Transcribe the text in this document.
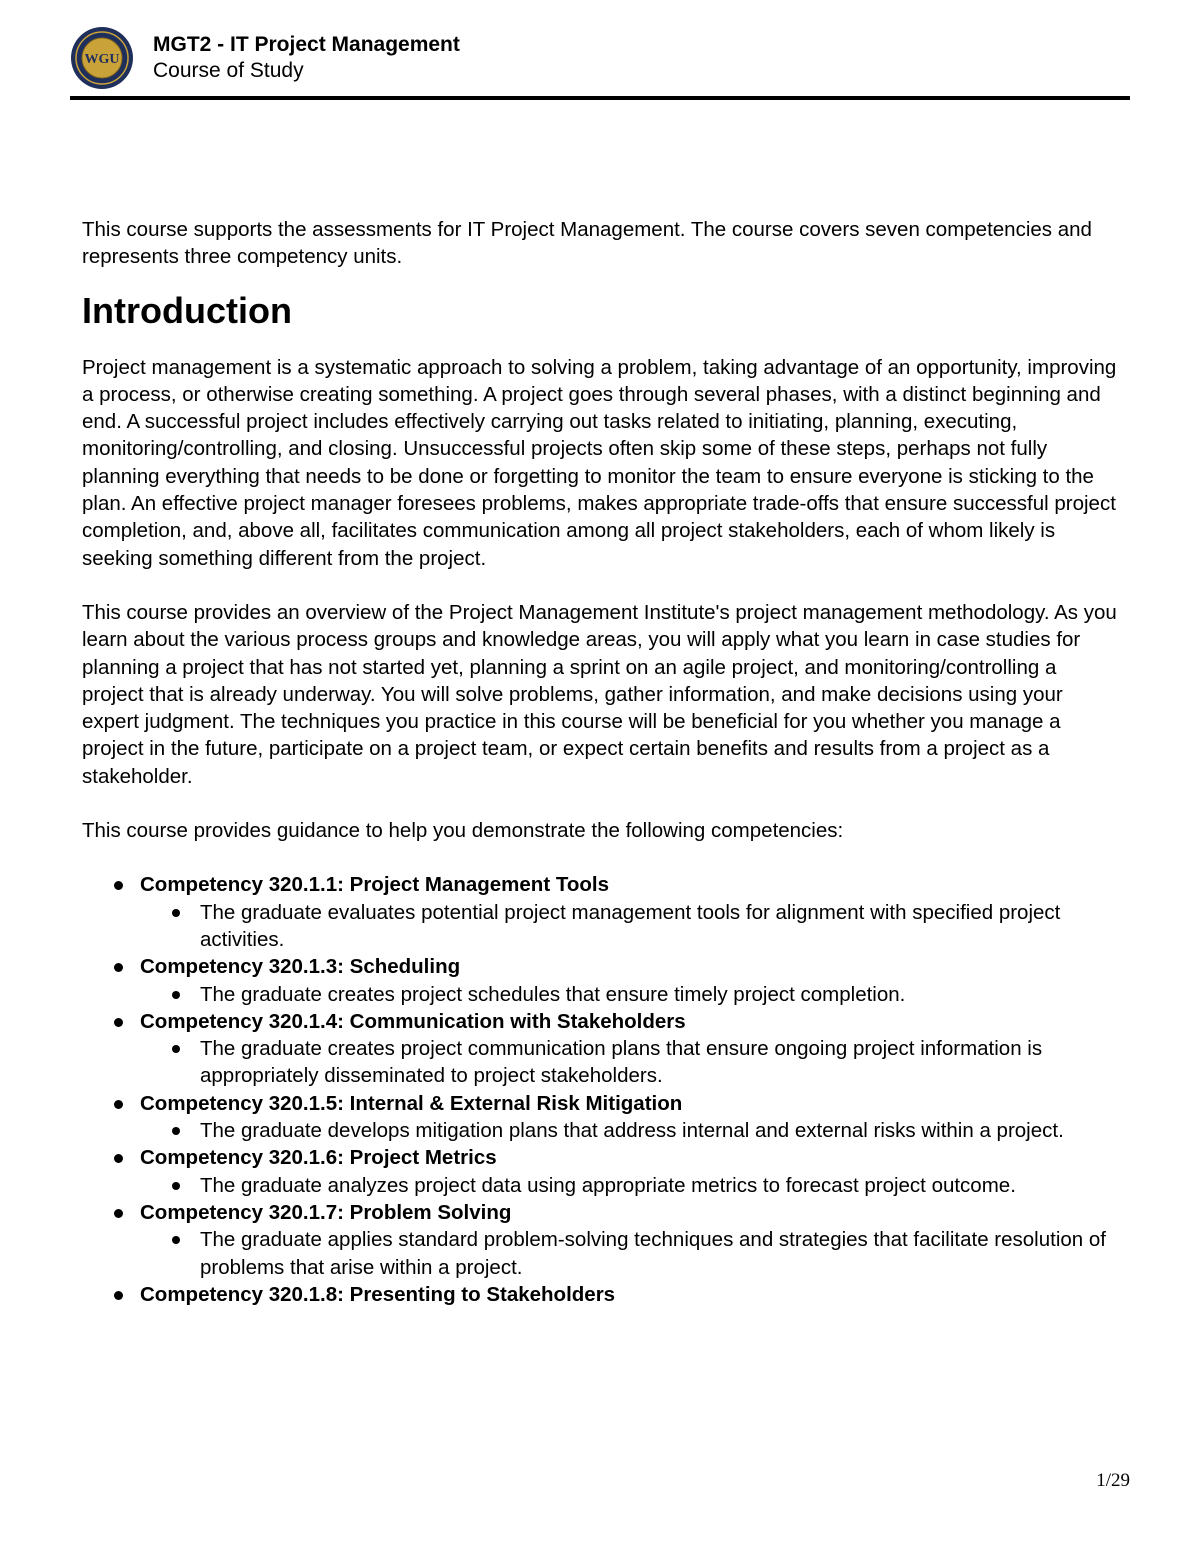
WGU
MGT2 - IT Project Management
Course of Study

This course supports the assessments for IT Project Management. The course covers seven competencies and represents three competency units.

Introduction

Project management is a systematic approach to solving a problem, taking advantage of an opportunity, improving a process, or otherwise creating something. A project goes through several phases, with a distinct beginning and end. A successful project includes effectively carrying out tasks related to initiating, planning, executing, monitoring/controlling, and closing. Unsuccessful projects often skip some of these steps, perhaps not fully planning everything that needs to be done or forgetting to monitor the team to ensure everyone is sticking to the plan. An effective project manager foresees problems, makes appropriate trade-offs that ensure successful project completion, and, above all, facilitates communication among all project stakeholders, each of whom likely is seeking something different from the project.

This course provides an overview of the Project Management Institute's project management methodology. As you learn about the various process groups and knowledge areas, you will apply what you learn in case studies for planning a project that has not started yet, planning a sprint on an agile project, and monitoring/controlling a project that is already underway. You will solve problems, gather information, and make decisions using your expert judgment. The techniques you practice in this course will be beneficial for you whether you manage a project in the future, participate on a project team, or expect certain benefits and results from a project as a stakeholder.

This course provides guidance to help you demonstrate the following competencies:

Competency 320.1.1: Project Management Tools
The graduate evaluates potential project management tools for alignment with specified project activities.
Competency 320.1.3: Scheduling
The graduate creates project schedules that ensure timely project completion.
Competency 320.1.4: Communication with Stakeholders
The graduate creates project communication plans that ensure ongoing project information is appropriately disseminated to project stakeholders.
Competency 320.1.5: Internal & External Risk Mitigation
The graduate develops mitigation plans that address internal and external risks within a project.
Competency 320.1.6: Project Metrics
The graduate analyzes project data using appropriate metrics to forecast project outcome.
Competency 320.1.7: Problem Solving
The graduate applies standard problem-solving techniques and strategies that facilitate resolution of problems that arise within a project.
Competency 320.1.8: Presenting to Stakeholders
1/29
